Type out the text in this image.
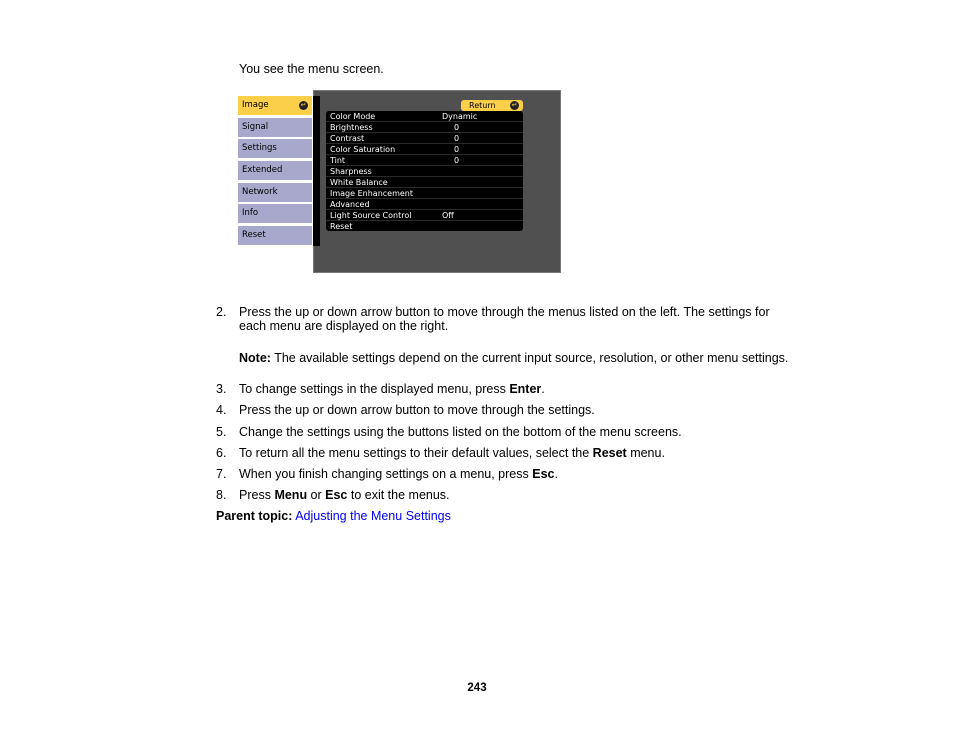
You see the menu screen.
Image	↵
Signal
Settings
Extended
Network
Info
Reset
Return ↵
Color Mode	Dynamic
Brightness	0
Contrast	0
Color Saturation	0
Tint	0
Sharpness
White Balance
Image Enhancement
Advanced
Light Source Control	Off
Reset
2. Press the up or down arrow button to move through the menus listed on the left. The settings for
each menu are displayed on the right.
Note: The available settings depend on the current input source, resolution, or other menu settings.
3. To change settings in the displayed menu, press Enter.
4. Press the up or down arrow button to move through the settings.
5. Change the settings using the buttons listed on the bottom of the menu screens.
6. To return all the menu settings to their default values, select the Reset menu.
7. When you finish changing settings on a menu, press Esc.
8. Press Menu or Esc to exit the menus.
Parent topic: Adjusting the Menu Settings
243
